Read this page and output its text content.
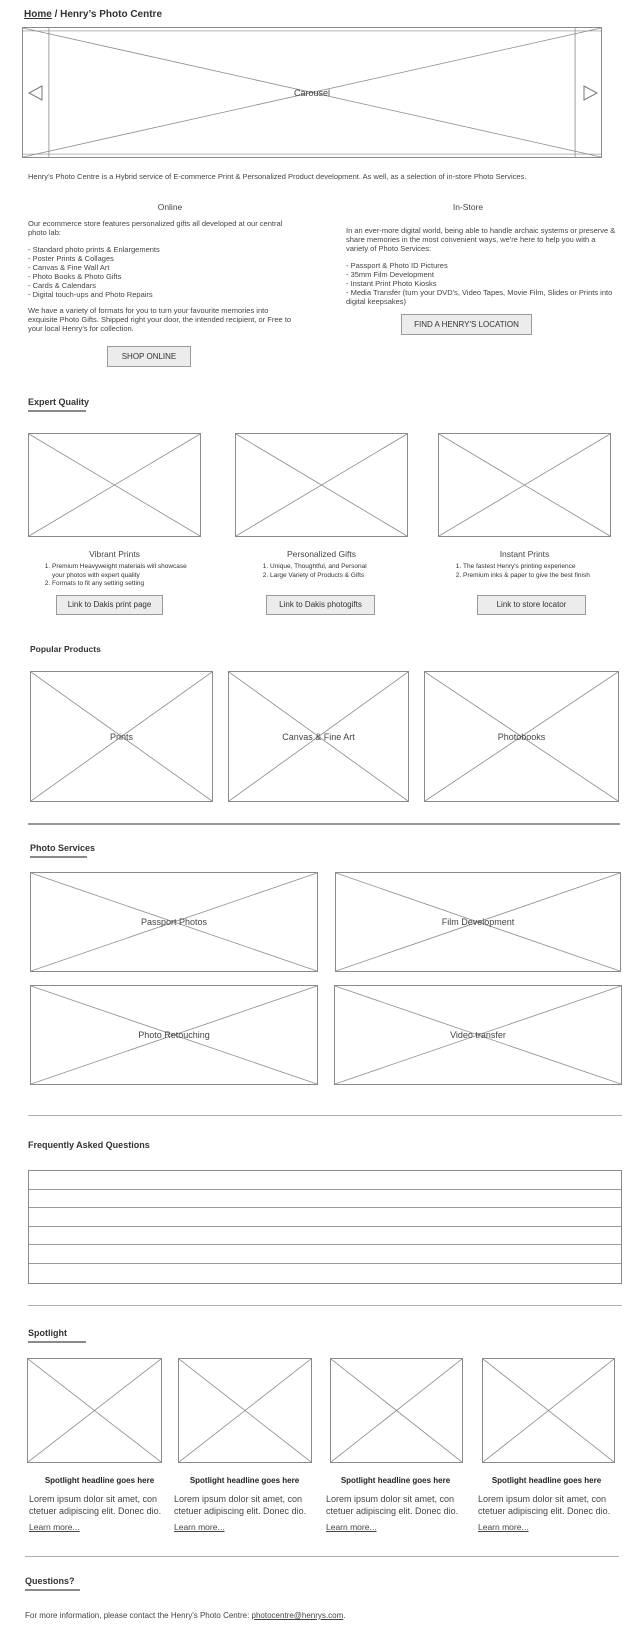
Home / Henry’s Photo Centre
Carousel
Henry’s Photo Centre is a Hybrid service of E-commerce Print & Personalized Product development. As well, as a selection of in-store Photo Services.
Online
Our ecommerce store features personalized gifts all developed at our central photo lab:
- Standard photo prints & Enlargements
- Poster Prints & Collages
- Canvas & Fine Wall Art
- Photo Books & Photo Gifts
- Cards & Calendars
- Digital touch-ups and Photo Repairs
We have a variety of formats for you to turn your favourite memories into exquisite Photo Gifts. Shipped right your door, the intended recipient, or Free to your local Henry’s for collection.
SHOP ONLINE
In-Store
In an ever-more digital world, being able to handle archaic systems or preserve & share memories in the most convenient ways, we're here to help you with a variety of Photo Services:
- Passport & Photo ID Pictures
- 35mm Film Development
- Instant Print Photo Kiosks
- Media Transfer (turn your DVD's, Video Tapes, Movie Film, Slides or Prints into digital keepsakes)
FIND A HENRY'S LOCATION
Expert Quality
Vibrant Prints	Personalized Gifts	Instant Prints
1. Premium Heavyweight materials will showcase your photos with expert quality
2. Formats to fit any setting setting
1. Unique, Thoughtful, and Personal
2. Large Variety of Products & Gifts
1. The fastest Henry's printing experience
2. Premium inks & paper to give the best finish
Link to Dakis print page	Link to Dakis photogifts	Link to store locator
Popular Products
Prints	Canvas & Fine Art	Photobooks
Photo Services
Passport Photos	Film Development
Photo Retouching	Video transfer
Frequently Asked Questions
Spotlight
Spotlight headline goes here	Spotlight headline goes here	Spotlight headline goes here	Spotlight headline goes here
Lorem ipsum dolor sit amet, con ctetuer adipiscing elit. Donec dio.
Lorem ipsum dolor sit amet, con ctetuer adipiscing elit. Donec dio.
Lorem ipsum dolor sit amet, con ctetuer adipiscing elit. Donec dio.
Lorem ipsum dolor sit amet, con ctetuer adipiscing elit. Donec dio.
Learn more...	Learn more...	Learn more...	Learn more...
Questions?
For more information, please contact the Henry's Photo Centre: photocentre@henrys.com.
